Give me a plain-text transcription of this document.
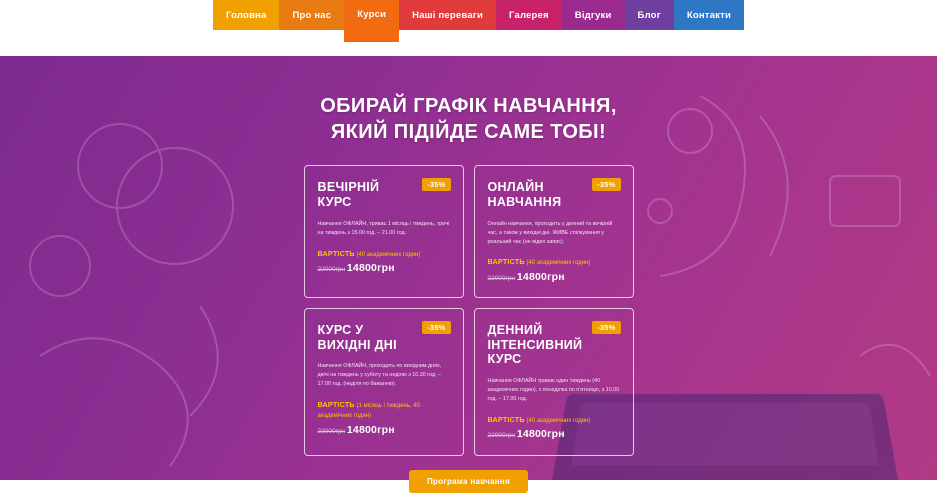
Головна	Про нас	Курси	Наші переваги	Галерея	Відгуки	Блог	Контакти
ОБИРАЙ ГРАФІК НАВЧАННЯ,
ЯКИЙ ПІДІЙДЕ САМЕ ТОБІ!
-35%
ВЕЧІРНІЙ КУРС
Навчання ОФЛАЙН, триває 1 місяць і тиждень, тричі на тиждень з 15.00 год. – 21.00 год.
ВАРТІСТЬ (40 академічних годин)
22000грн 14800грн
-35%
ОНЛАЙН НАВЧАННЯ
Онлайн навчання, проходить у денний та вечірній час, а також у вихідні дні. ЖИВЕ спілкування у реальний час (не відео запис).
ВАРТІСТЬ (40 академічних годин)
22000грн 14800грн
-35%
КУРС У ВИХІДНІ ДНІ
Навчання ОФЛАЙН, проходить по вихідним днях, двічі на тиждень у суботу та неділю з 10.30 год. – 17.00 год. (неділя по бажанню).
ВАРТІСТЬ (1 місяць і тиждень, 40 академічних годин)
22000грн 14800грн
-35%
ДЕННИЙ ІНТЕНСИВНИЙ КУРС
Навчання ОФЛАЙН триває один тиждень (40 академічних годин), з понеділка по п'ятницю, з 10.00 год. – 17.00 год.
ВАРТІСТЬ (40 академічних годин)
22000грн 14800грн
Програма навчання
